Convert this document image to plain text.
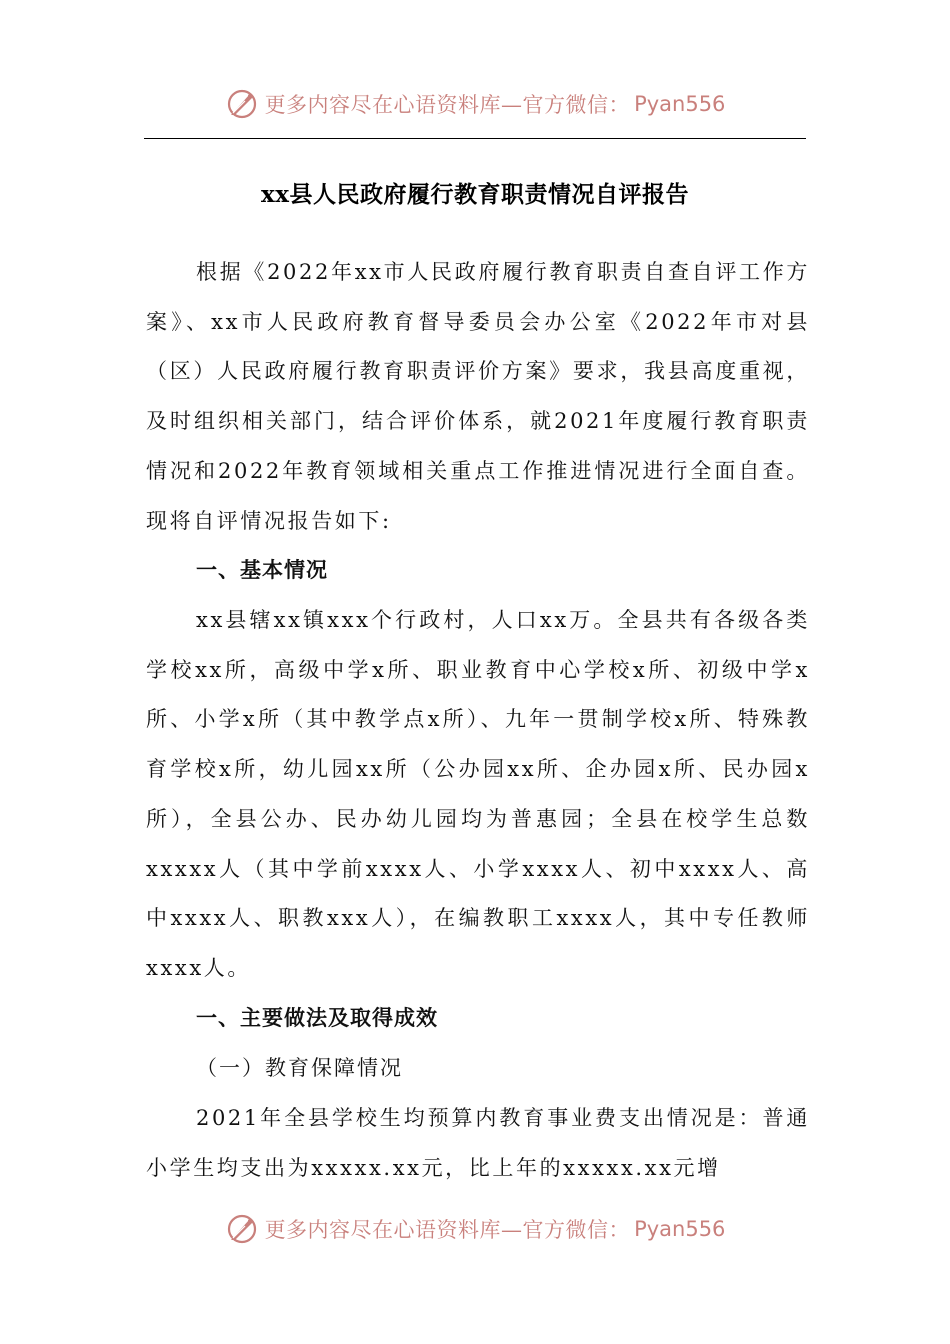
更多内容尽在心语资料库—官方微信： Pyan556
xx县人民政府履行教育职责情况自评报告

根据《2022年xx市人民政府履行教育职责自查自评工作方案》、xx市人民政府教育督导委员会办公室《2022年市对县（区）人民政府履行教育职责评价方案》要求，我县高度重视，及时组织相关部门，结合评价体系，就2021年度履行教育职责情况和2022年教育领域相关重点工作推进情况进行全面自查。现将自评情况报告如下:

一、基本情况

xx县辖xx镇xxx个行政村，人口xx万。全县共有各级各类学校xx所，高级中学x所、职业教育中心学校x所、初级中学x所、小学x所（其中教学点x所）、九年一贯制学校x所、特殊教育学校x所，幼儿园xx所（公办园xx所、企办园x所、民办园x所），全县公办、民办幼儿园均为普惠园；全县在校学生总数xxxxx人（其中学前xxxx人、小学xxxx人、初中xxxx人、高中xxxx人、职教xxx人），在编教职工xxxx人，其中专任教师xxxx人。

一、主要做法及取得成效

（一）教育保障情况

2021年全县学校生均预算内教育事业费支出情况是：普通小学生均支出为xxxxx.xx元，比上年的xxxxx.xx元增

更多内容尽在心语资料库—官方微信： Pyan556
